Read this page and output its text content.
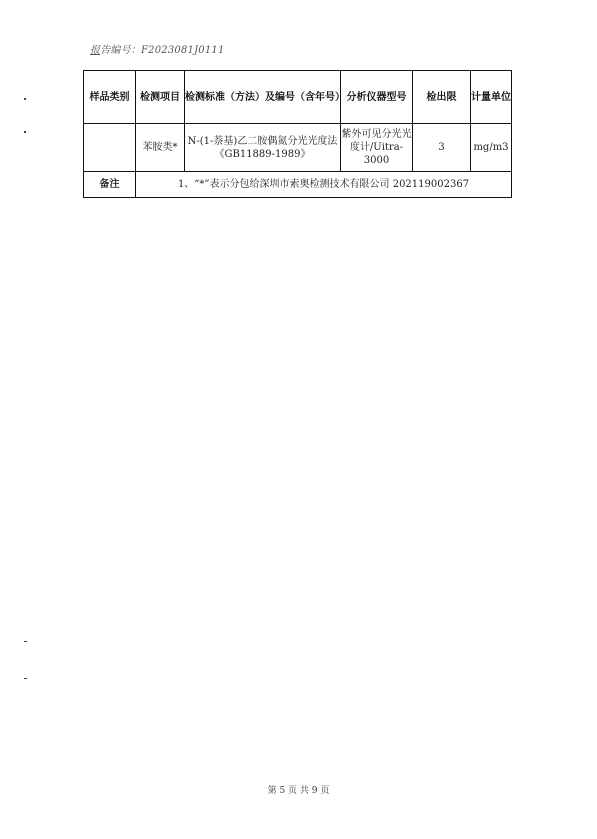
报告编号：F2023081J0111
样品类别	检测项目	检测标准（方法）及编号（含年号）	分析仪器型号	检出限	计量单位
	苯胺类*	N-(1-萘基)乙二胺偶氮分光光度法《GB11889-1989》	紫外可见分光光度计/Uitra-3000	3	mg/m3
备注	1、“*”表示分包给深圳市索奥检测技术有限公司 202119002367				
第 5 页 共 9 页
